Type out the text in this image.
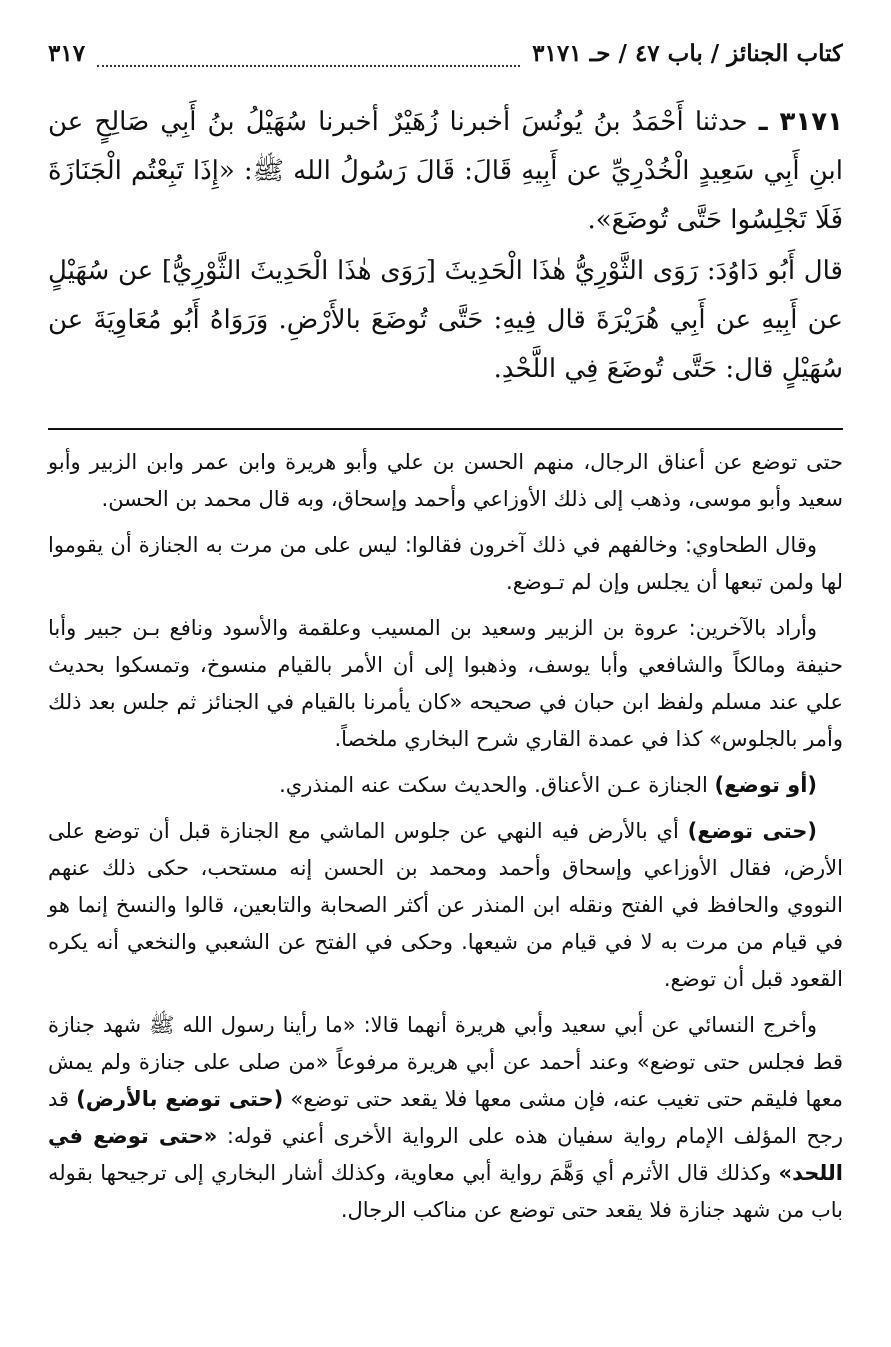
كتاب الجنائز / باب ٤٧ / حـ ٣١٧١
٣١٧

٣١٧١ ـ حدثنا أَحْمَدُ بنُ يُونُسَ أخبرنا زُهَيْرٌ أخبرنا سُهَيْلُ بنُ أَبِي صَالِحٍ عن ابنِ أَبِي سَعِيدٍ الْخُدْرِيِّ عن أَبِيهِ قَالَ: قَالَ رَسُولُ الله ﷺ: «إِذَا تَبِعْتُم الْجَنَازَةَ فَلَا تَجْلِسُوا حَتَّى تُوضَعَ».

قال أَبُو دَاوُدَ: رَوَى الثَّوْرِيُّ هٰذَا الْحَدِيثَ [رَوَى هٰذَا الْحَدِيثَ الثَّوْرِيُّ] عن سُهَيْلٍ عن أَبِيهِ عن أَبِي هُرَيْرَةَ قال فِيهِ: حَتَّى تُوضَعَ بالأَرْضِ. وَرَوَاهُ أَبُو مُعَاوِيَةَ عن سُهَيْلٍ قال: حَتَّى تُوضَعَ فِي اللَّحْدِ.

حتى توضع عن أعناق الرجال، منهم الحسن بن علي وأبو هريرة وابن عمر وابن الزبير وأبو سعيد وأبو موسى، وذهب إلى ذلك الأوزاعي وأحمد وإسحاق، وبه قال محمد بن الحسن.

وقال الطحاوي: وخالفهم في ذلك آخرون فقالوا: ليس على من مرت به الجنازة أن يقوموا لها ولمن تبعها أن يجلس وإن لم تـوضع.

وأراد بالآخرين: عروة بن الزبير وسعيد بن المسيب وعلقمة والأسود ونافع بـن جبير وأبا حنيفة ومالكاً والشافعي وأبا يوسف، وذهبوا إلى أن الأمر بالقيام منسوخ، وتمسكوا بحديث علي عند مسلم ولفظ ابن حبان في صحيحه «كان يأمرنا بالقيام في الجنائز ثم جلس بعد ذلك وأمر بالجلوس» كذا في عمدة القاري شرح البخاري ملخصاً.

(أو توضع) الجنازة عـن الأعناق. والحديث سكت عنه المنذري.

(حتى توضع) أي بالأرض فيه النهي عن جلوس الماشي مع الجنازة قبل أن توضع على الأرض، فقال الأوزاعي وإسحاق وأحمد ومحمد بن الحسن إنه مستحب، حكى ذلك عنهم النووي والحافظ في الفتح ونقله ابن المنذر عن أكثر الصحابة والتابعين، قالوا والنسخ إنما هو في قيام من مرت به لا في قيام من شيعها. وحكى في الفتح عن الشعبي والنخعي أنه يكره القعود قبل أن توضع.

وأخرج النسائي عن أبي سعيد وأبي هريرة أنهما قالا: «ما رأينا رسول الله ﷺ شهد جنازة قط فجلس حتى توضع» وعند أحمد عن أبي هريرة مرفوعاً «من صلى على جنازة ولم يمش معها فليقم حتى تغيب عنه، فإن مشى معها فلا يقعد حتى توضع» (حتى توضع بالأرض) قد رجح المؤلف الإمام رواية سفيان هذه على الرواية الأخرى أعني قوله: «حتى توضع في اللحد» وكذلك قال الأثرم أي وَهَّمَ رواية أبي معاوية، وكذلك أشار البخاري إلى ترجيحها بقوله باب من شهد جنازة فلا يقعد حتى توضع عن مناكب الرجال.
